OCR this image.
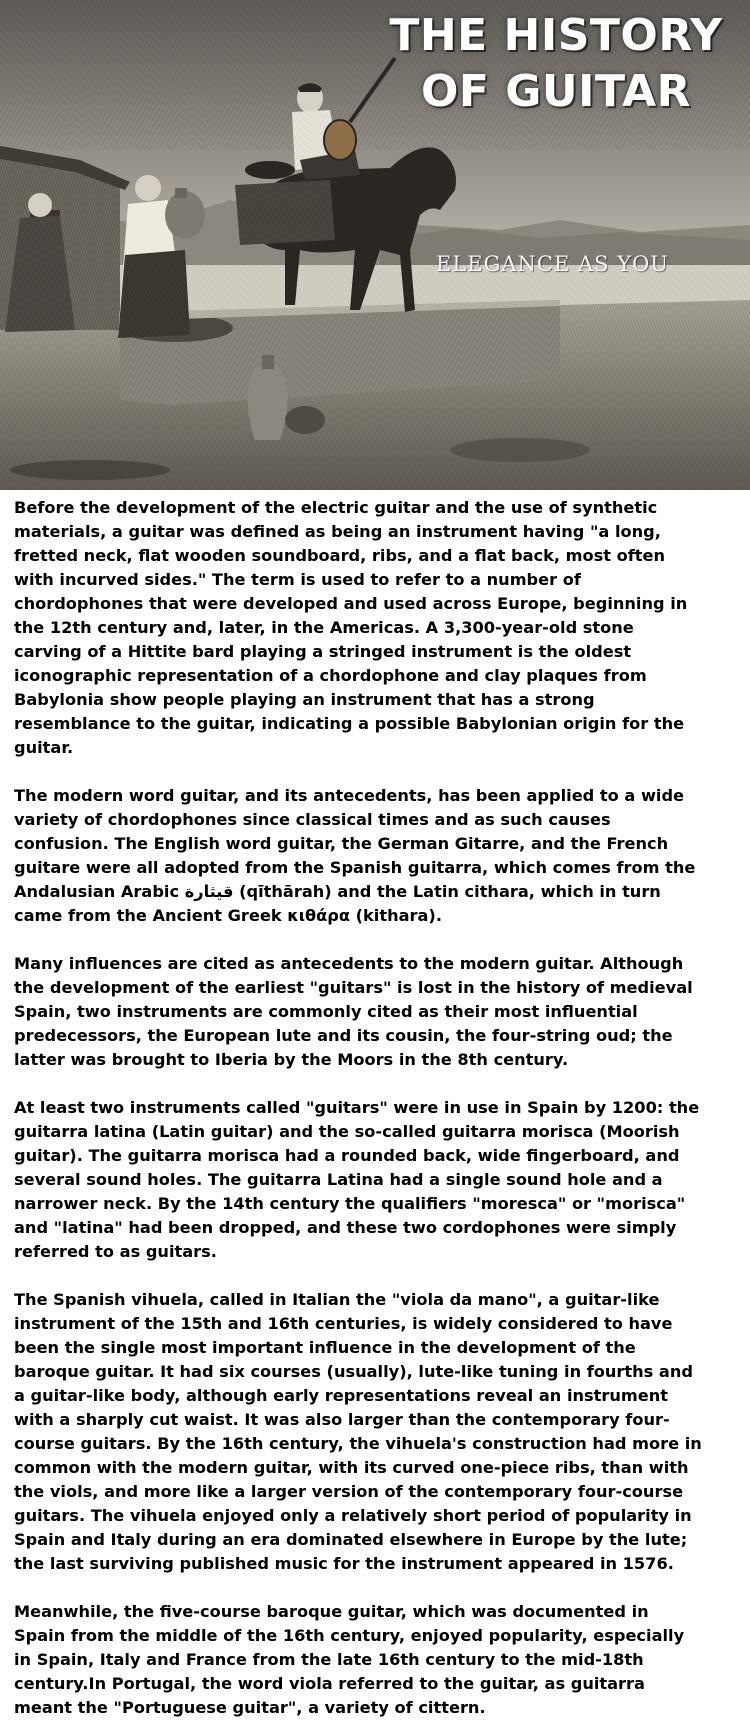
THE HISTORY
OF GUITAR
ELEGANCE AS YOU

Before the development of the electric guitar and the use of synthetic
materials, a guitar was defined as being an instrument having "a long,
fretted neck, flat wooden soundboard, ribs, and a flat back, most often
with incurved sides." The term is used to refer to a number of
chordophones that were developed and used across Europe, beginning in
the 12th century and, later, in the Americas. A 3,300-year-old stone
carving of a Hittite bard playing a stringed instrument is the oldest
iconographic representation of a chordophone and clay plaques from
Babylonia show people playing an instrument that has a strong
resemblance to the guitar, indicating a possible Babylonian origin for the
guitar.

The modern word guitar, and its antecedents, has been applied to a wide
variety of chordophones since classical times and as such causes
confusion. The English word guitar, the German Gitarre, and the French
guitare were all adopted from the Spanish guitarra, which comes from the
Andalusian Arabic قيثارة (qīthārah) and the Latin cithara, which in turn
came from the Ancient Greek κιθάρα (kithara).

Many influences are cited as antecedents to the modern guitar. Although
the development of the earliest "guitars" is lost in the history of medieval
Spain, two instruments are commonly cited as their most influential
predecessors, the European lute and its cousin, the four-string oud; the
latter was brought to Iberia by the Moors in the 8th century.

At least two instruments called "guitars" were in use in Spain by 1200: the
guitarra latina (Latin guitar) and the so-called guitarra morisca (Moorish
guitar). The guitarra morisca had a rounded back, wide fingerboard, and
several sound holes. The guitarra Latina had a single sound hole and a
narrower neck. By the 14th century the qualifiers "moresca" or "morisca"
and "latina" had been dropped, and these two cordophones were simply
referred to as guitars.

The Spanish vihuela, called in Italian the "viola da mano", a guitar-like
instrument of the 15th and 16th centuries, is widely considered to have
been the single most important influence in the development of the
baroque guitar. It had six courses (usually), lute-like tuning in fourths and
a guitar-like body, although early representations reveal an instrument
with a sharply cut waist. It was also larger than the contemporary four-
course guitars. By the 16th century, the vihuela's construction had more in
common with the modern guitar, with its curved one-piece ribs, than with
the viols, and more like a larger version of the contemporary four-course
guitars. The vihuela enjoyed only a relatively short period of popularity in
Spain and Italy during an era dominated elsewhere in Europe by the lute;
the last surviving published music for the instrument appeared in 1576.

Meanwhile, the five-course baroque guitar, which was documented in
Spain from the middle of the 16th century, enjoyed popularity, especially
in Spain, Italy and France from the late 16th century to the mid-18th
century.In Portugal, the word viola referred to the guitar, as guitarra
meant the "Portuguese guitar", a variety of cittern.
